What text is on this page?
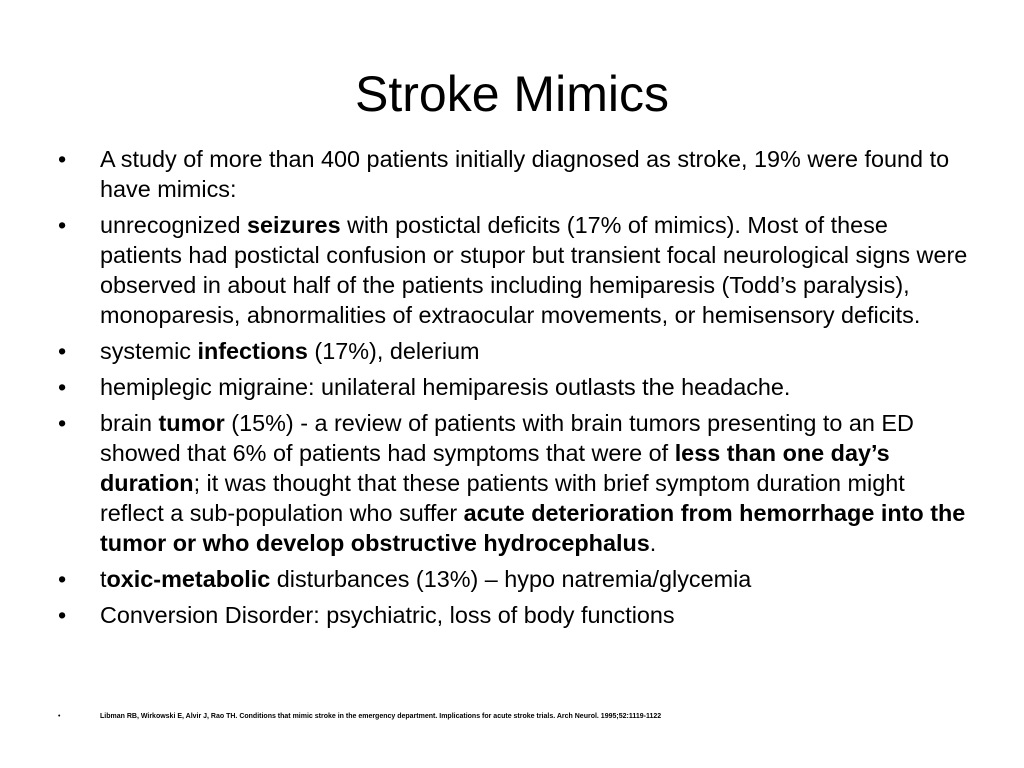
Stroke Mimics
•	A study of more than 400 patients initially diagnosed as stroke, 19% were found to have mimics:
•	unrecognized seizures with postictal deficits (17% of mimics). Most of these patients had postictal confusion or stupor but transient focal neurological signs were observed in about half of the patients including hemiparesis (Todd’s paralysis), monoparesis, abnormalities of extraocular movements, or hemisensory deficits.
•	systemic infections (17%), delerium
•	hemiplegic migraine: unilateral hemiparesis outlasts the headache.
•	brain tumor (15%) - a review of patients with brain tumors presenting to an ED showed that 6% of patients had symptoms that were of less than one day’s duration; it was thought that these patients with brief symptom duration might reflect a sub-population who suffer acute deterioration from hemorrhage into the tumor or who develop obstructive hydrocephalus.
•	toxic-metabolic disturbances (13%) – hypo natremia/glycemia
•	Conversion Disorder: psychiatric, loss of body functions
•	Libman RB, Wirkowski E, Alvir J, Rao TH. Conditions that mimic stroke in the emergency department. Implications for acute stroke trials. Arch Neurol. 1995;52:1119-1122
